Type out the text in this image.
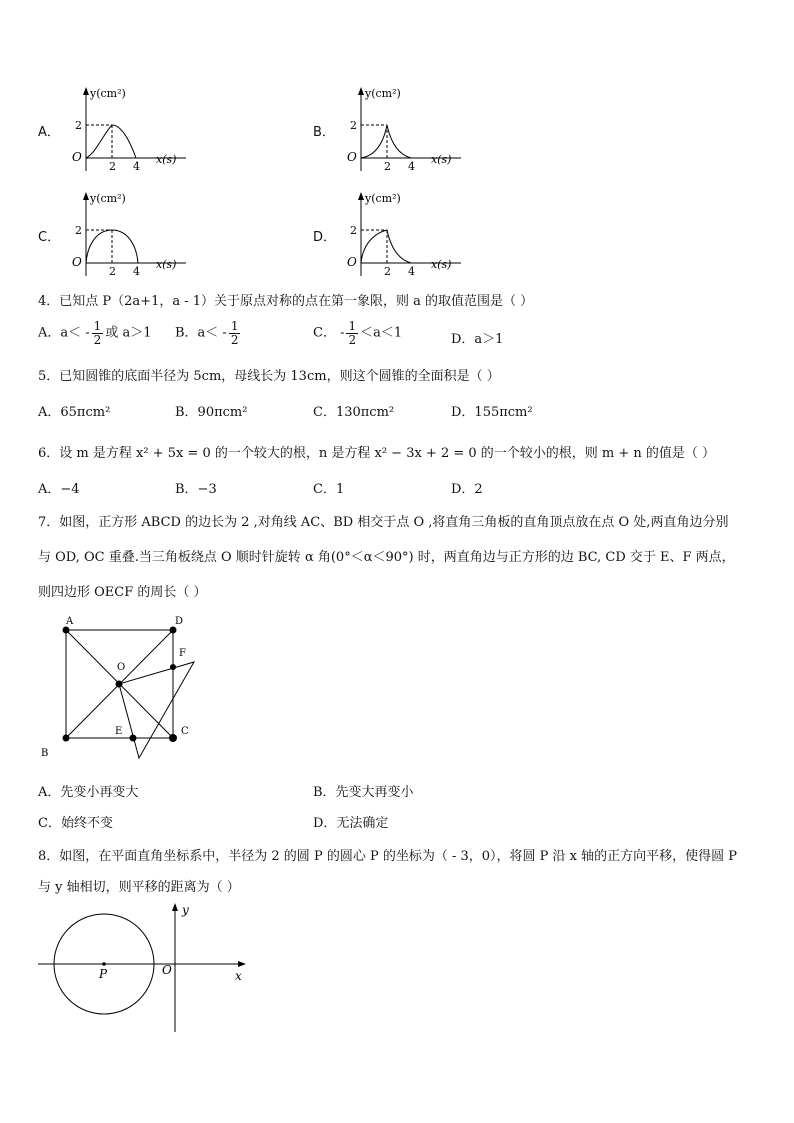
A．
y(cm²)
x(s)
O
2
2 4
B．
y(cm²)
x(s)
O
2
2 4
C．
y(cm²)
x(s)
O
2
2 4
D．
y(cm²)
x(s)
O
2
2 4
4．已知点 P（2a+1，a - 1）关于原点对称的点在第一象限，则 a 的取值范围是（ ）
A．$a< - \frac{1}{2}$ 或 a＞1 B．$a< - \frac{1}{2}$	C． - $\frac{1}{2} <a<1$	D．a＞1
5．已知圆锥的底面半径为 5cm，母线长为 13cm，则这个圆锥的全面积是（ ）
A．65πcm²	B．90πcm²	C．130πcm²	D．155πcm²
6．设 m 是方程 x² + 5x = 0 的一个较大的根，n 是方程 x² − 3x + 2 = 0 的一个较小的根，则 m + n 的值是（ ）
A．−4	B．−3	C．1	D．2
7．如图，正方形 ABCD 的边长为 2 ,对角线 AC、BD 相交于点 O ,将直角三角板的直角顶点放在点 O 处,两直角边分别
与 OD, OC 重叠.当三角板绕点 O 顺时针旋转 α 角(0°＜α＜90°) 时，两直角边与正方形的边 BC, CD 交于 E、F 两点，
则四边形 OECF 的周长（ ）
A	D
O
F
B
E	C
A．先变小再变大	B．先变大再变小
C．始终不变	D．无法确定
8．如图，在平面直角坐标系中，半径为 2 的圆 P 的圆心 P 的坐标为（ - 3，0），将圆 P 沿 x 轴的正方向平移，使得圆 P
与 y 轴相切，则平移的距离为（ ）
y
x
O
P
